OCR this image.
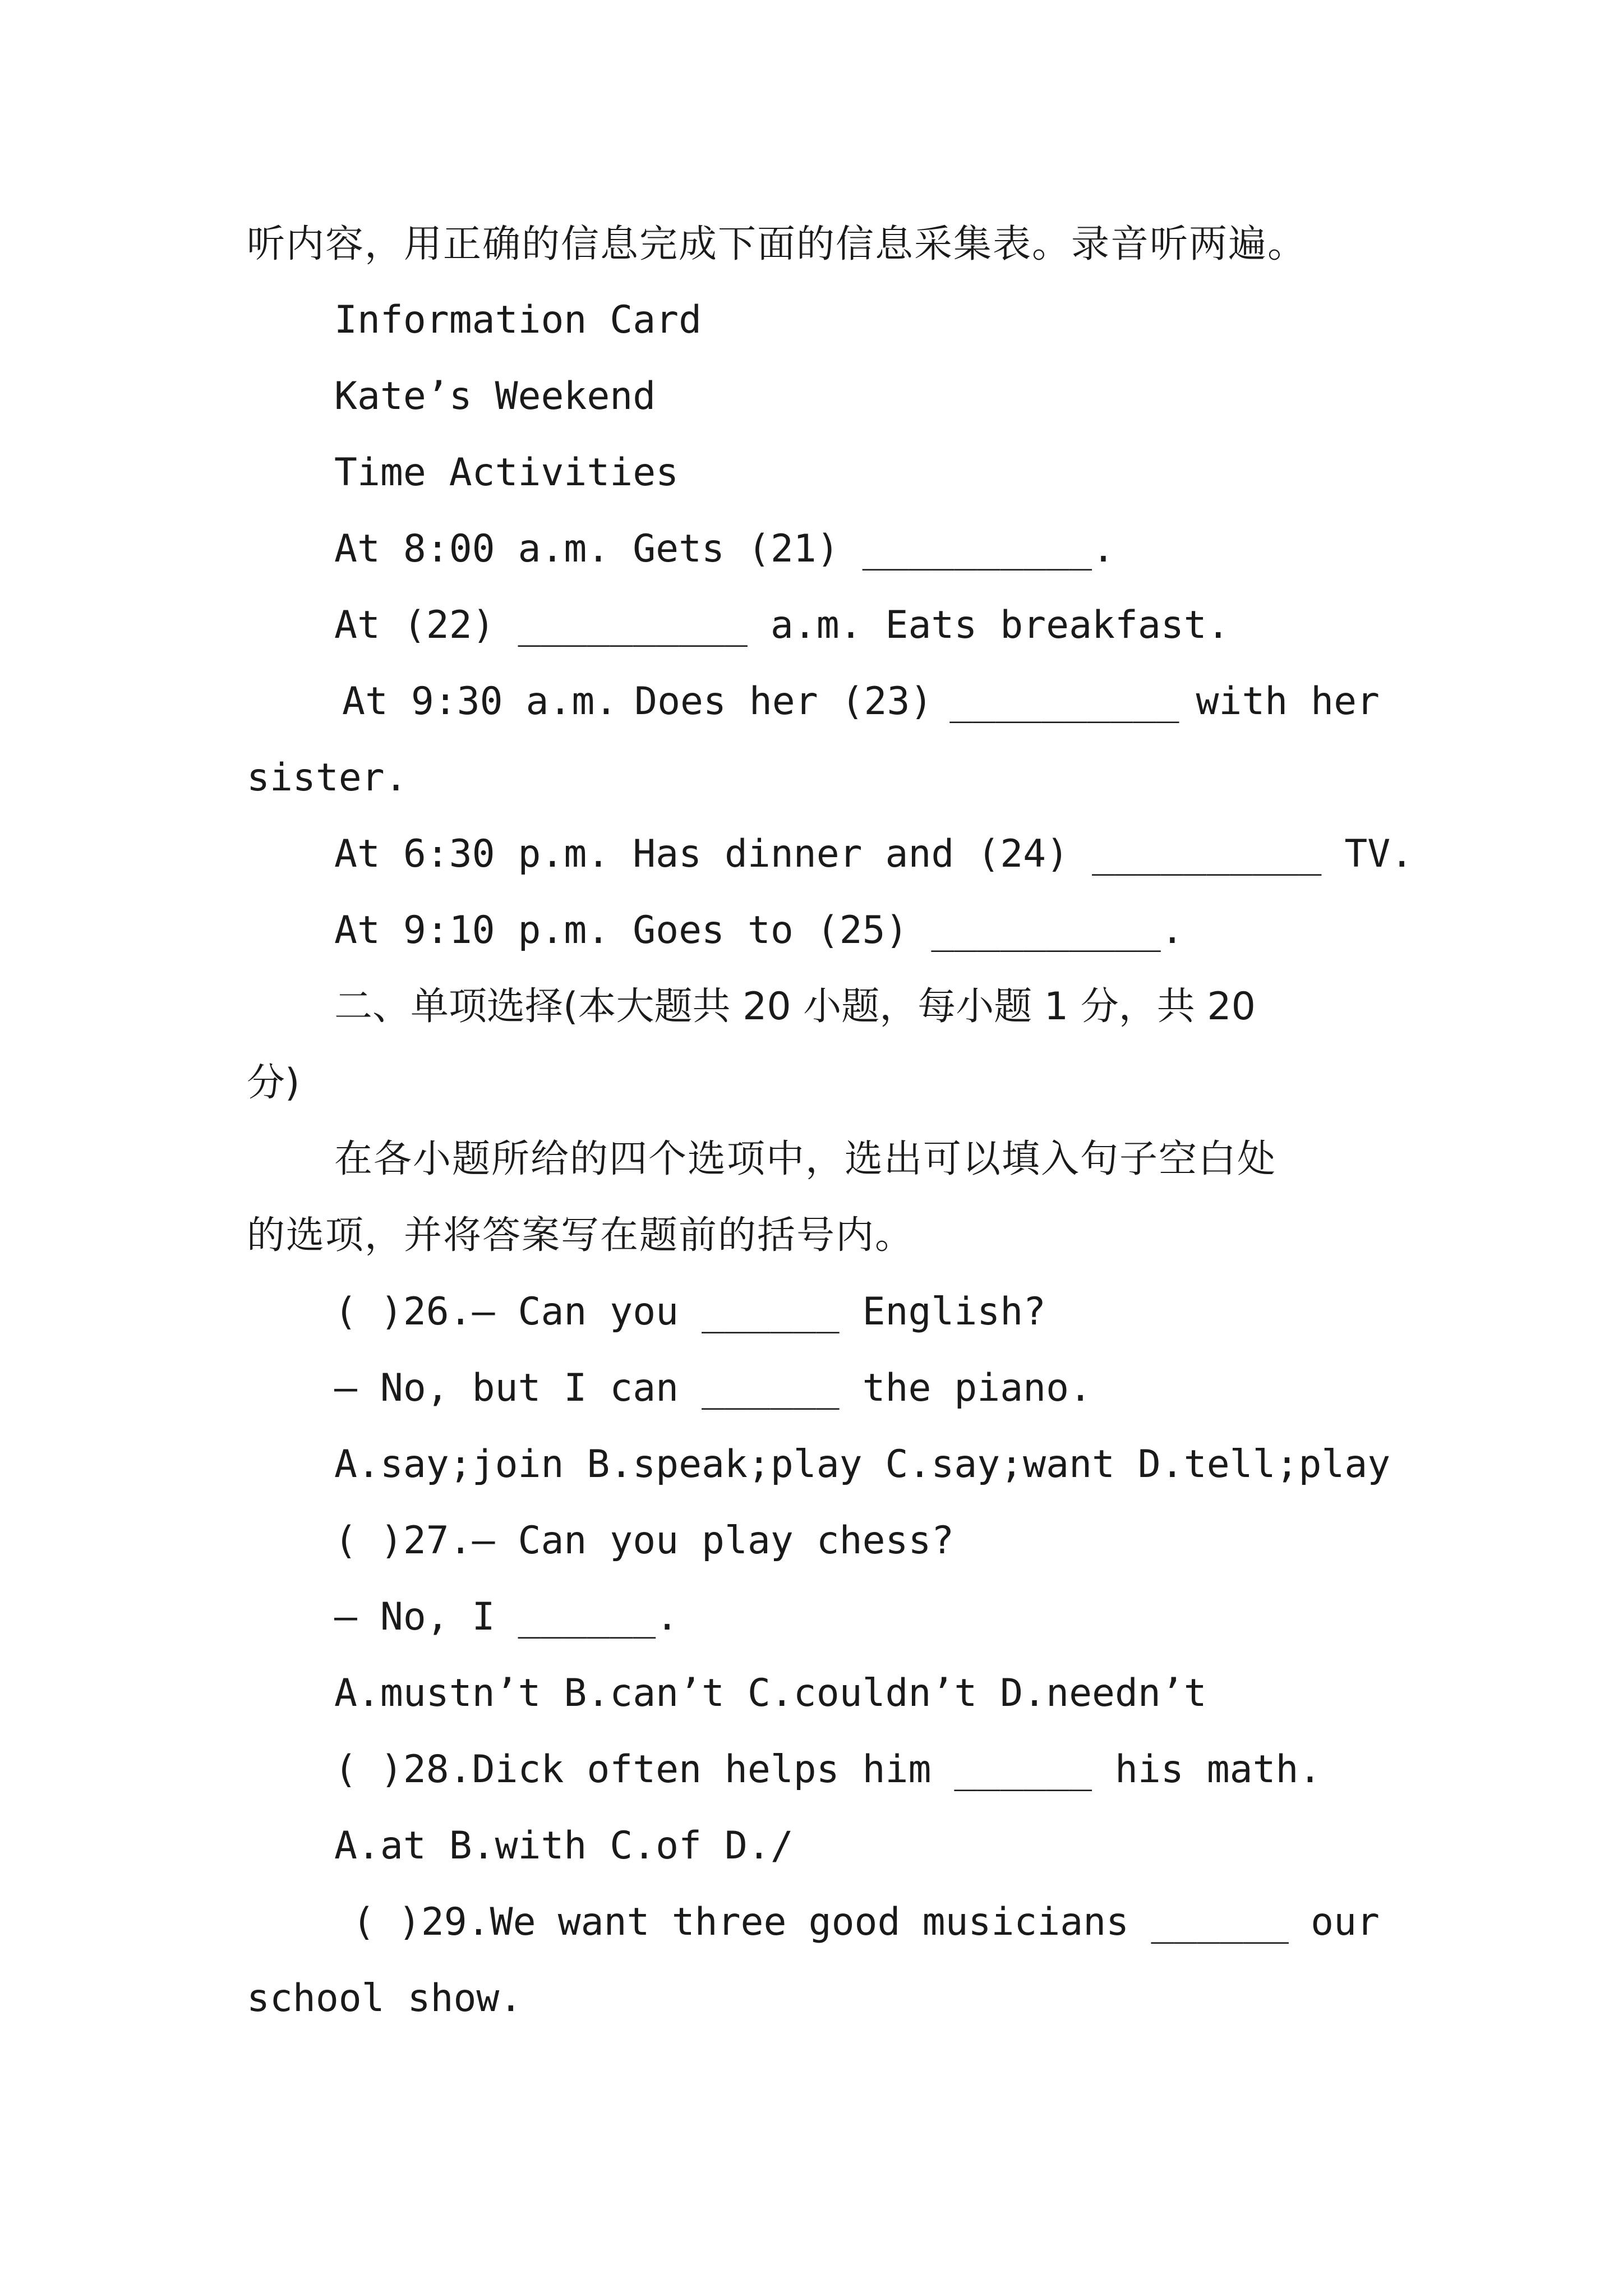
听内容，用正确的信息完成下面的信息采集表。录音听两遍。
Information Card
Kate’s Weekend
Time Activities
At 8:00 a.m. Gets (21) __________.
At (22) __________ a.m. Eats breakfast.
At 9:30 a.m. Does her (23) __________ with her
sister.
At 6:30 p.m. Has dinner and (24) __________ TV.
At 9:10 p.m. Goes to (25) __________.
二、单项选择(本大题共 20 小题，每小题 1 分，共 20
分)
在各小题所给的四个选项中，选出可以填入句子空白处
的选项，并将答案写在题前的括号内。
( )26.— Can you ______ English?
— No, but I can ______ the piano.
A.say;join B.speak;play C.say;want D.tell;play
( )27.— Can you play chess?
— No, I ______.
A.mustn’t B.can’t C.couldn’t D.needn’t
( )28.Dick often helps him ______ his math.
A.at B.with C.of D./
( )29.We want three good musicians ______ our
school show.
